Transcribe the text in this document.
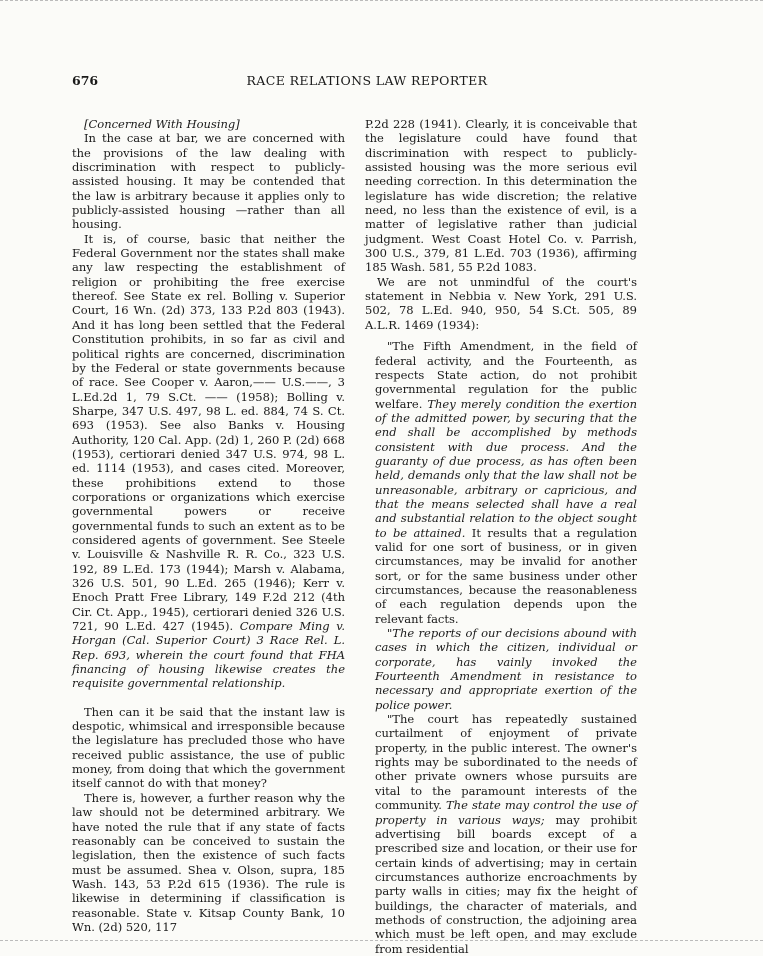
676	RACE RELATIONS LAW REPORTER

[Concerned With Housing]

In the case at bar, we are concerned with the provisions of the law dealing with discrimination with respect to publicly-assisted housing. It may be contended that the law is arbitrary because it applies only to publicly-assisted housing —rather than all housing.

It is, of course, basic that neither the Federal Government nor the states shall make any law respecting the establishment of religion or prohibiting the free exercise thereof. See State ex rel. Bolling v. Superior Court, 16 Wn. (2d) 373, 133 P.2d 803 (1943). And it has long been settled that the Federal Constitution prohibits, in so far as civil and political rights are concerned, discrimination by the Federal or state governments because of race. See Cooper v. Aaron,—— U.S.——, 3 L.Ed.2d 1, 79 S.Ct. —— (1958); Bolling v. Sharpe, 347 U.S. 497, 98 L. ed. 884, 74 S. Ct. 693 (1953). See also Banks v. Housing Authority, 120 Cal. App. (2d) 1, 260 P. (2d) 668 (1953), certiorari denied 347 U.S. 974, 98 L. ed. 1114 (1953), and cases cited. Moreover, these prohibitions extend to those corporations or organizations which exercise governmental powers or receive governmental funds to such an extent as to be considered agents of government. See Steele v. Louisville & Nashville R. R. Co., 323 U.S. 192, 89 L.Ed. 173 (1944); Marsh v. Alabama, 326 U.S. 501, 90 L.Ed. 265 (1946); Kerr v. Enoch Pratt Free Library, 149 F.2d 212 (4th Cir. Ct. App., 1945), certiorari denied 326 U.S. 721, 90 L.Ed. 427 (1945). Compare Ming v. Horgan (Cal. Superior Court) 3 Race Rel. L. Rep. 693, wherein the court found that FHA financing of housing likewise creates the requisite governmental relationship.

Then can it be said that the instant law is despotic, whimsical and irresponsible because the legislature has precluded those who have received public assistance, the use of public money, from doing that which the government itself cannot do with that money?

There is, however, a further reason why the law should not be determined arbitrary. We have noted the rule that if any state of facts reasonably can be conceived to sustain the legislation, then the existence of such facts must be assumed. Shea v. Olson, supra, 185 Wash. 143, 53 P.2d 615 (1936). The rule is likewise in determining if classification is reasonable. State v. Kitsap County Bank, 10 Wn. (2d) 520, 117

P.2d 228 (1941). Clearly, it is conceivable that the legislature could have found that discrimination with respect to publicly-assisted housing was the more serious evil needing correction. In this determination the legislature has wide discretion; the relative need, no less than the existence of evil, is a matter of legislative rather than judicial judgment. West Coast Hotel Co. v. Parrish, 300 U.S., 379, 81 L.Ed. 703 (1936), affirming 185 Wash. 581, 55 P.2d 1083.

We are not unmindful of the court's statement in Nebbia v. New York, 291 U.S. 502, 78 L.Ed. 940, 950, 54 S.Ct. 505, 89 A.L.R. 1469 (1934):

"The Fifth Amendment, in the field of federal activity, and the Fourteenth, as respects State action, do not prohibit governmental regulation for the public welfare. They merely condition the exertion of the admitted power, by securing that the end shall be accomplished by methods consistent with due process. And the guaranty of due process, as has often been held, demands only that the law shall not be unreasonable, arbitrary or capricious, and that the means selected shall have a real and substantial relation to the object sought to be attained. It results that a regulation valid for one sort of business, or in given circumstances, may be invalid for another sort, or for the same business under other circumstances, because the reasonableness of each regulation depends upon the relevant facts.

"The reports of our decisions abound with cases in which the citizen, individual or corporate, has vainly invoked the Fourteenth Amendment in resistance to necessary and appropriate exertion of the police power.

"The court has repeatedly sustained curtailment of enjoyment of private property, in the public interest. The owner's rights may be subordinated to the needs of other private owners whose pursuits are vital to the paramount interests of the community. The state may control the use of property in various ways; may prohibit advertising bill boards except of a prescribed size and location, or their use for certain kinds of advertising; may in certain circumstances authorize encroachments by party walls in cities; may fix the height of buildings, the character of materials, and methods of construction, the adjoining area which must be left open, and may exclude from residential
